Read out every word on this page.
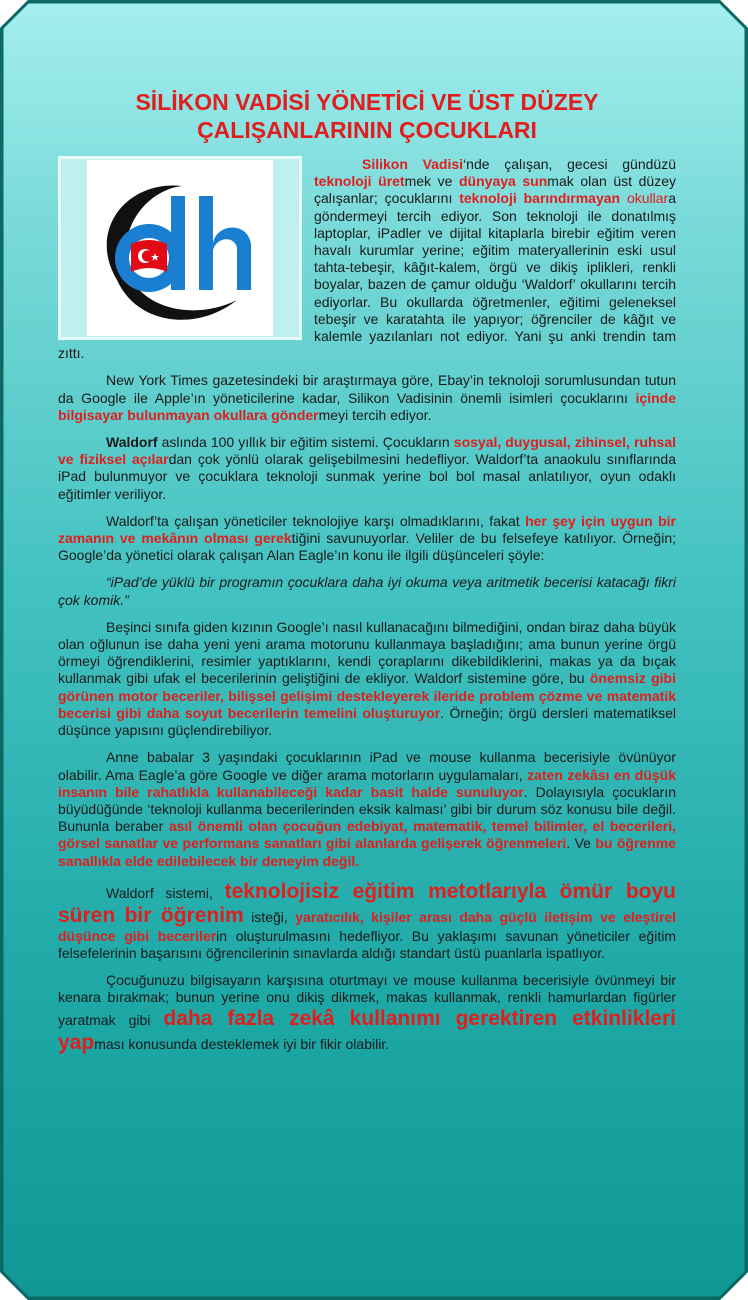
SİLİKON VADİSİ YÖNETİCİ VE ÜST DÜZEY
ÇALIŞANLARININ ÇOCUKLARI

Silikon Vadisi‘nde çalışan, gecesi gündüzü teknoloji üretmek ve dünyaya sunmak olan üst düzey çalışanlar; çocuklarını teknoloji barındırmayan okullara göndermeyi tercih ediyor. Son teknoloji ile donatılmış laptoplar, iPadler ve dijital kitaplarla birebir eğitim veren havalı kurumlar yerine; eğitim materyallerinin eski usul tahta-tebeşir, kâğıt-kalem, örgü ve dikiş iplikleri, renkli boyalar, bazen de çamur olduğu ‘Waldorf’ okullarını tercih ediyorlar. Bu okullarda öğretmenler, eğitimi geleneksel tebeşir ve karatahta ile yapıyor; öğrenciler de kâğıt ve kalemle yazılanları not ediyor. Yani şu anki trendin tam zıttı.

New York Times gazetesindeki bir araştırmaya göre, Ebay’in teknoloji sorumlusundan tutun da Google ile Apple’ın yöneticilerine kadar, Silikon Vadisinin önemli isimleri çocuklarını içinde bilgisayar bulunmayan okullara göndermeyi tercih ediyor.

Waldorf aslında 100 yıllık bir eğitim sistemi. Çocukların sosyal, duygusal, zihinsel, ruhsal ve fiziksel açılardan çok yönlü olarak gelişebilmesini hedefliyor. Waldorf’ta anaokulu sınıflarında iPad bulunmuyor ve çocuklara teknoloji sunmak yerine bol bol masal anlatılıyor, oyun odaklı eğitimler veriliyor.

Waldorf’ta çalışan yöneticiler teknolojiye karşı olmadıklarını, fakat her şey için uygun bir zamanın ve mekânın olması gerektiğini savunuyorlar. Veliler de bu felsefeye katılıyor. Örneğin; Google’da yönetici olarak çalışan Alan Eagle’ın konu ile ilgili düşünceleri şöyle:

“iPad’de yüklü bir programın çocuklara daha iyi okuma veya aritmetik becerisi katacağı fikri çok komik.”

Beşinci sınıfa giden kızının Google’ı nasıl kullanacağını bilmediğini, ondan biraz daha büyük olan oğlunun ise daha yeni yeni arama motorunu kullanmaya başladığını; ama bunun yerine örgü örmeyi öğrendiklerini, resimler yaptıklarını, kendi çoraplarını dikebildiklerini, makas ya da bıçak kullanmak gibi ufak el becerilerinin geliştiğini de ekliyor. Waldorf sistemine göre, bu önemsiz gibi görünen motor beceriler, bilişsel gelişimi destekleyerek ileride problem çözme ve matematik becerisi gibi daha soyut becerilerin temelini oluşturuyor. Örneğin; örgü dersleri matematiksel düşünce yapısını güçlendirebiliyor.

Anne babalar 3 yaşındaki çocuklarının iPad ve mouse kullanma becerisiyle övünüyor olabilir. Ama Eagle’a göre Google ve diğer arama motorların uygulamaları, zaten zekâsı en düşük insanın bile rahatlıkla kullanabileceği kadar basit halde sunuluyor. Dolayısıyla çocukların büyüdüğünde ‘teknoloji kullanma becerilerinden eksik kalması’ gibi bir durum söz konusu bile değil. Bununla beraber asıl önemli olan çocuğun edebiyat, matematik, temel bilimler, el becerileri, görsel sanatlar ve performans sanatları gibi alanlarda gelişerek öğrenmeleri. Ve bu öğrenme sanallıkla elde edilebilecek bir deneyim değil.

Waldorf sistemi, teknolojisiz eğitim metotlarıyla ömür boyu süren bir öğrenim isteği, yaratıcılık, kişiler arası daha güçlü iletişim ve eleştirel düşünce gibi becerilerin oluşturulmasını hedefliyor. Bu yaklaşımı savunan yöneticiler eğitim felsefelerinin başarısını öğrencilerinin sınavlarda aldığı standart üstü puanlarla ispatlıyor.

Çocuğunuzu bilgisayarın karşısına oturtmayı ve mouse kullanma becerisiyle övünmeyi bir kenara bırakmak; bunun yerine onu dikiş dikmek, makas kullanmak, renkli hamurlardan figürler yaratmak gibi daha fazla zekâ kullanımı gerektiren etkinlikleri yapması konusunda desteklemek iyi bir fikir olabilir.
